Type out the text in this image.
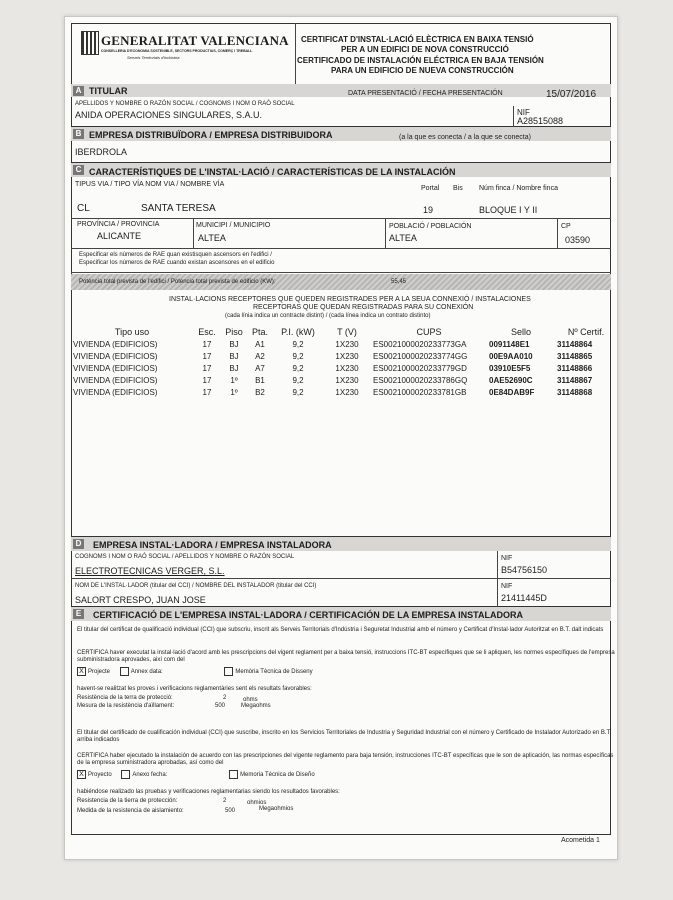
GENERALITAT VALENCIANA
CONSELLERIA D'ECONOMIA SOSTENIBLE, SECTORS PRODUCTIUS, COMERÇ I TREBALL
Serveis Territorials d'Indústria
CERTIFICAT D'INSTAL·LACIÓ ELÈCTRICA EN BAIXA TENSIÓ
PER A UN EDIFICI DE NOVA CONSTRUCCIÓ
CERTIFICADO DE INSTALACIÓN ELÉCTRICA EN BAJA TENSIÓN
PARA UN EDIFICIO DE NUEVA CONSTRUCCIÓN
A TITULAR	DATA PRESENTACIÓ / FECHA PRESENTACIÓN	15/07/2016
APELLIDOS Y NOMBRE O RAZÓN SOCIAL / COGNOMS I NOM O RAÓ SOCIAL
ANIDA OPERACIONES SINGULARES, S.A.U.	NIF
A28515088
B EMPRESA DISTRIBUÏDORA / EMPRESA DISTRIBUIDORA	(a la que es conecta / a la que se conecta)
IBERDROLA
C CARACTERÍSTIQUES DE L'INSTAL·LACIÓ / CARACTERÍSTICAS DE LA INSTALACIÓN
TIPUS VIA / TIPO VÍA NOM VIA / NOMBRE VÍA
Portal Bis Núm finca / Nombre finca
CL	SANTA TERESA	19	BLOQUE I Y II
PROVÍNCIA / PROVINCIA
ALICANTE
MUNICIPI / MUNICIPIO
ALTEA
POBLACIÓ / POBLACIÓN
ALTEA
CP
03590
Especificar els números de RAE quan existisquen ascensors en l'edifici /
Especificar los números de RAE cuando existan ascensores en el edificio
Potència total prevista de l'edifici / Potencia total prevista de edificio (KW):	55,45
INSTAL·LACIONS RECEPTORES QUE QUEDEN REGISTRADES PER A LA SEUA CONNEXIÓ / INSTALACIONES
RECEPTORAS QUE QUEDAN REGISTRADAS PARA SU CONEXIÓN
(cada línia indica un contracte distint) / (cada línea indica un contrato distinto)
Tipo uso	Esc.	Piso	Pta.	P.I. (kW)	T (V)	CUPS	Sello	Nº Certif.
VIVIENDA (EDIFICIOS)	17	BJ	A1	9,2	1X230	ES0021000020233773GA	0091148E1	31148864
VIVIENDA (EDIFICIOS)	17	BJ	A2	9,2	1X230	ES0021000020233774GG	00E9AA010	31148865
VIVIENDA (EDIFICIOS)	17	BJ	A7	9,2	1X230	ES0021000020233779GD	03910E5F5	31148866
VIVIENDA (EDIFICIOS)	17	1º	B1	9,2	1X230	ES0021000020233786GQ	0AE52690C	31148867
VIVIENDA (EDIFICIOS)	17	1º	B2	9,2	1X230	ES0021000020233781GB	0E84DAB9F	31148868
D EMPRESA INSTAL·LADORA / EMPRESA INSTALADORA
COGNOMS I NOM O RAÓ SOCIAL / APELLIDOS Y NOMBRE O RAZÓN SOCIAL
ELECTROTECNICAS VERGER, S.L.
NIF
B54756150
NOM DE L'INSTAL·LADOR (titular del CCI) / NOMBRE DEL INSTALADOR (titular del CCI)
SALORT CRESPO, JUAN JOSE
NIF
21411445D
E	CERTIFICACIÓ DE L'EMPRESA INSTAL·LADORA / CERTIFICACIÓN DE LA EMPRESA INSTALADORA
El titular del certificat de qualificació individual (CCI) que subscriu, inscrit als Serveis Territorials d'Indústria i Seguretat Industrial amb el número y Certificat d'Instal·lador Autoritzat en B.T. dalt indicats
CERTIFICA haver executat la instal·lació d'acord amb les prescripcions del vigent reglament per a baixa tensió, instruccions ITC-BT específiques que se li apliquen, les normes específiques de l'empresa subministradora aprovades, així com del
X Projecte	Annex data:	Memòria Tècnica de Disseny
havent-se realitzat les proves i verificacions reglamentàries sent els resultats favorables:
Resistència de la terra de protecció:	2	ohms
Mesura de la resistència d'aïllament:	500	Megaohms
El titular del certificado de cualificación individual (CCI) que suscribe, inscrito en los Servicios Territoriales de Industria y Seguridad Industrial con el número y Certificado de Instalador Autorizado en B.T. arriba indicados
CERTIFICA haber ejecutado la instalación de acuerdo con las prescripciones del vigente reglamento para baja tensión, instrucciones ITC-BT específicas que le son de aplicación, las normas específicas de la empresa suministradora aprobadas, así como del
X Proyecto	Anexo fecha:	Memoria Técnica de Diseño
habiéndose realizado las pruebas y verificaciones reglamentarias siendo los resultados favorables:
Resistencia de la tierra de protección:	2	ohmios
Medida de la resistencia de aislamiento:	500	Megaohmios
Acometida 1
